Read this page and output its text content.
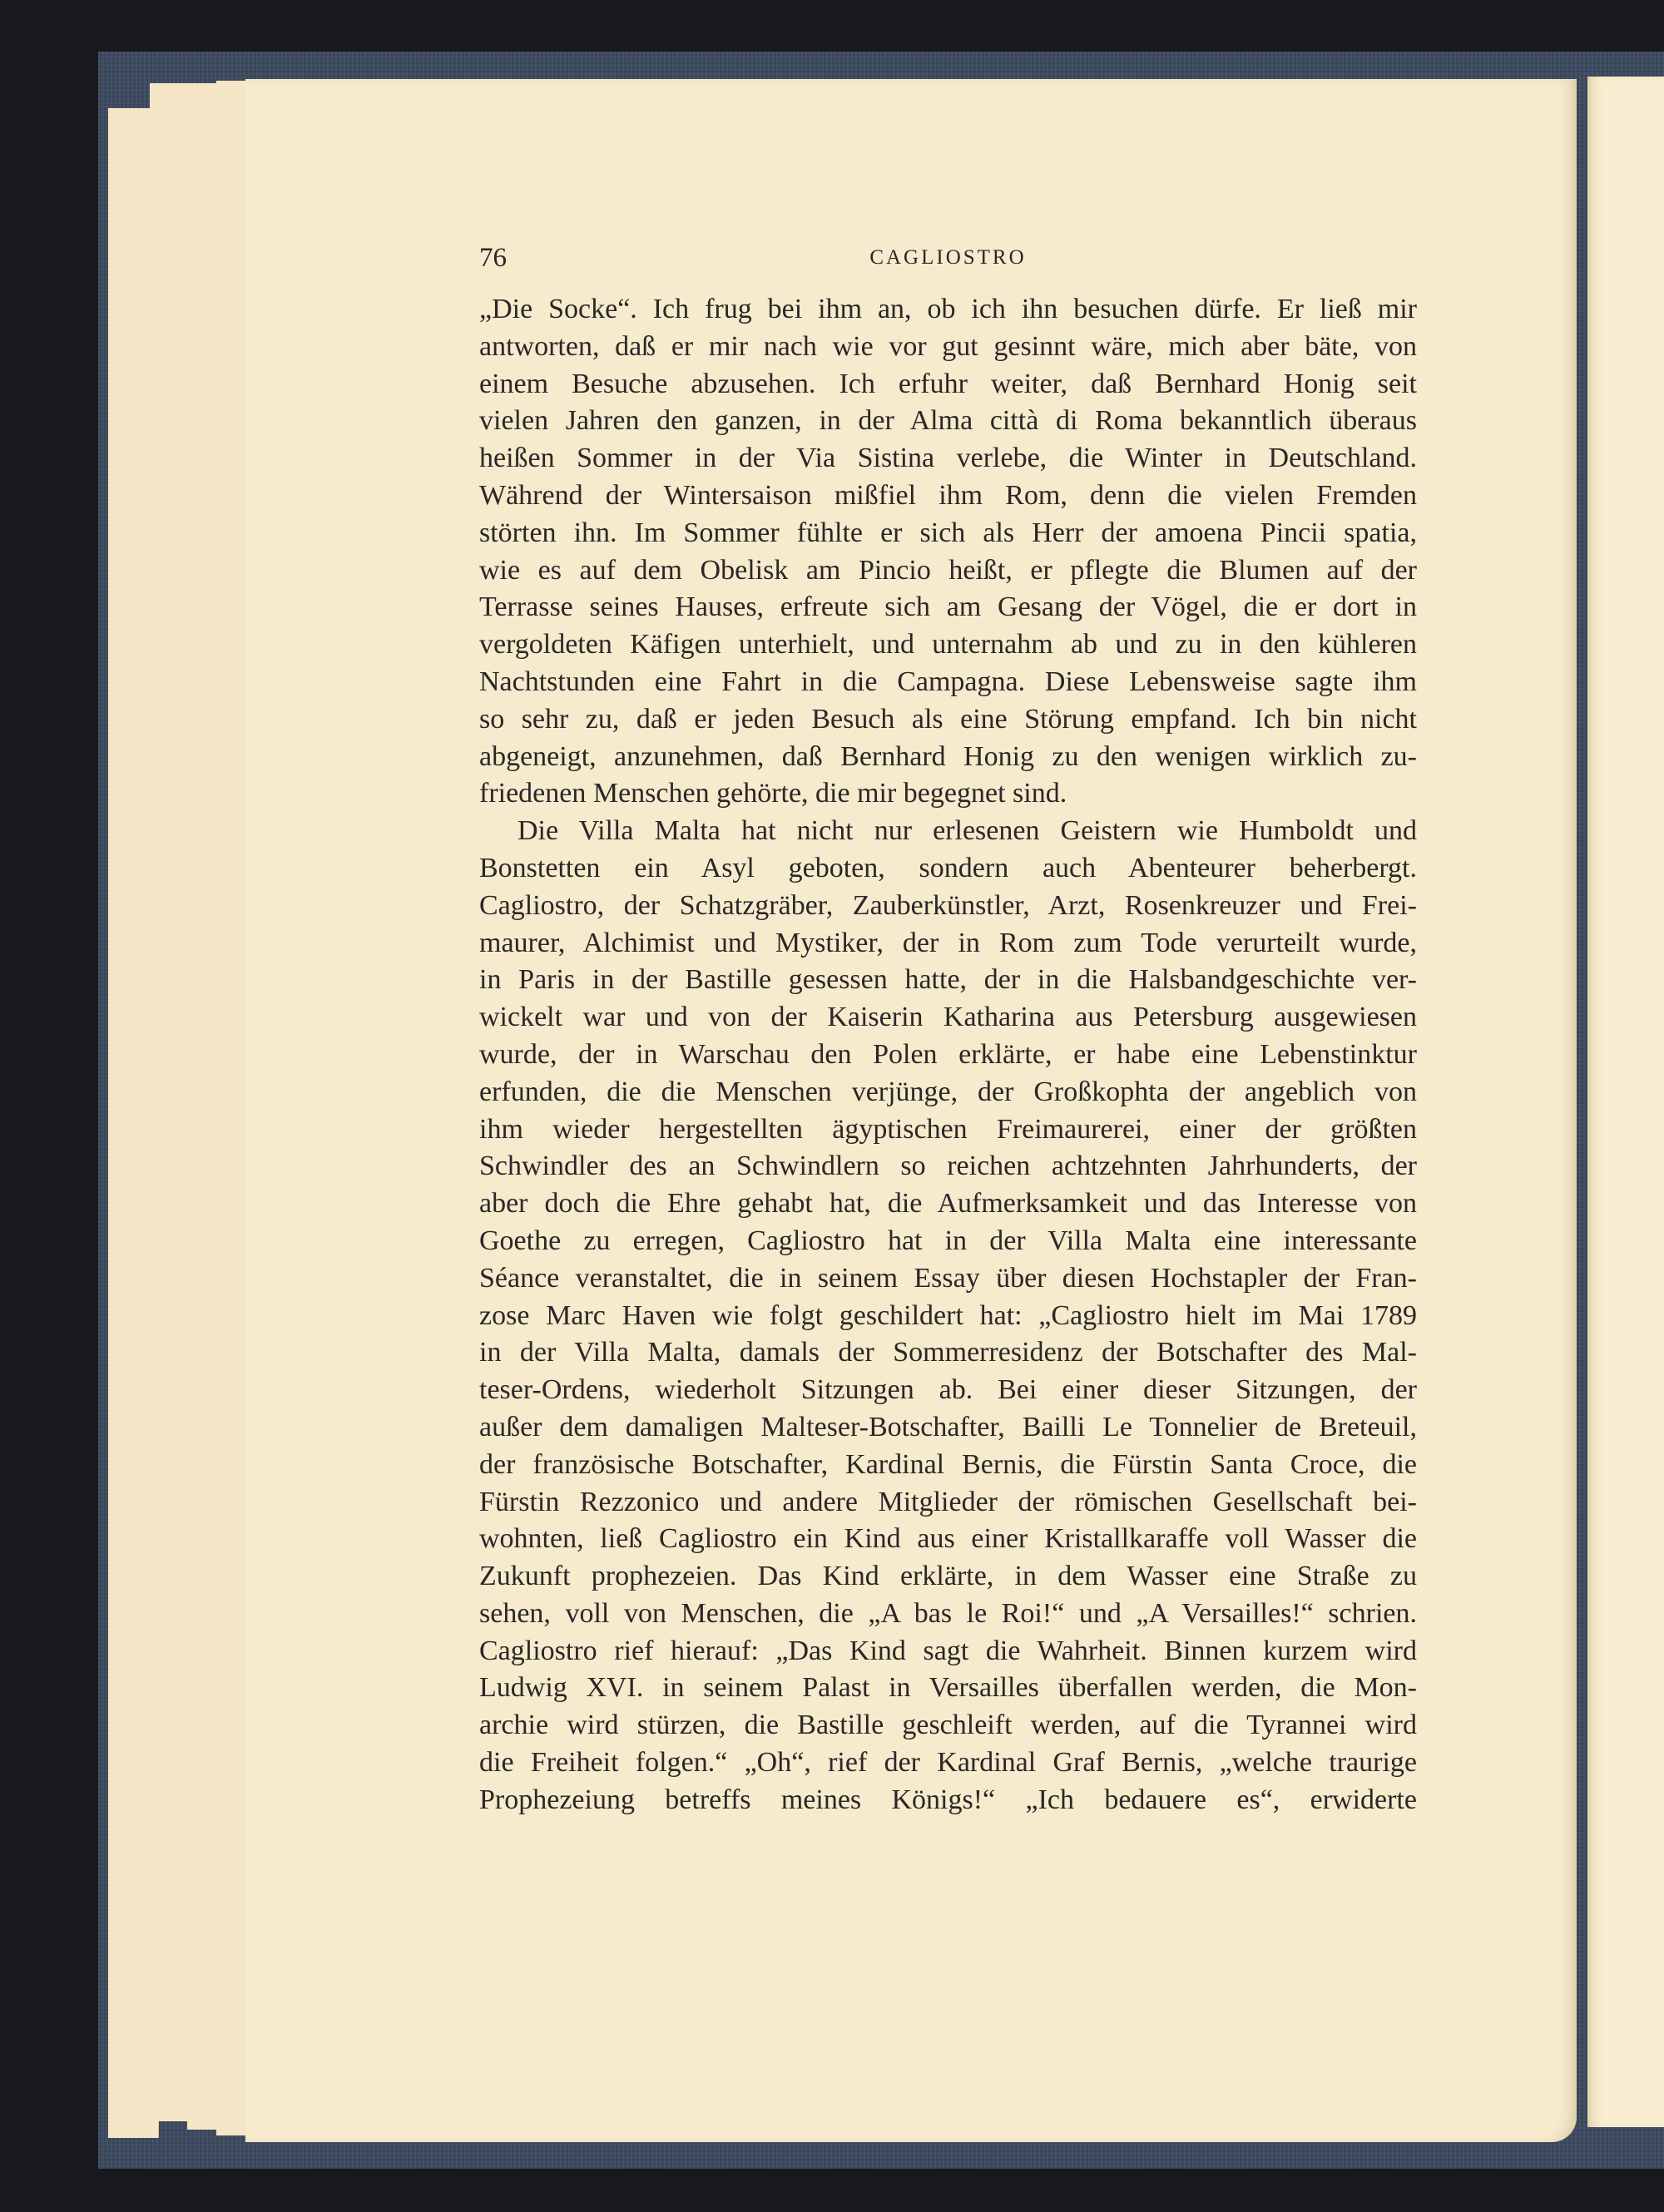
76	CAGLIOSTRO
„Die Socke“. Ich frug bei ihm an, ob ich ihn besuchen dürfe. Er ließ mir
antworten, daß er mir nach wie vor gut gesinnt wäre, mich aber bäte, von
einem Besuche abzusehen. Ich erfuhr weiter, daß Bernhard Honig seit
vielen Jahren den ganzen, in der Alma città di Roma bekanntlich überaus
heißen Sommer in der Via Sistina verlebe, die Winter in Deutschland.
Während der Wintersaison mißfiel ihm Rom, denn die vielen Fremden
störten ihn. Im Sommer fühlte er sich als Herr der amoena Pincii spatia,
wie es auf dem Obelisk am Pincio heißt, er pflegte die Blumen auf der
Terrasse seines Hauses, erfreute sich am Gesang der Vögel, die er dort in
vergoldeten Käfigen unterhielt, und unternahm ab und zu in den kühleren
Nachtstunden eine Fahrt in die Campagna. Diese Lebensweise sagte ihm
so sehr zu, daß er jeden Besuch als eine Störung empfand. Ich bin nicht
abgeneigt, anzunehmen, daß Bernhard Honig zu den wenigen wirklich zu-
friedenen Menschen gehörte, die mir begegnet sind.
Die Villa Malta hat nicht nur erlesenen Geistern wie Humboldt und
Bonstetten ein Asyl geboten, sondern auch Abenteurer beherbergt.
Cagliostro, der Schatzgräber, Zauberkünstler, Arzt, Rosenkreuzer und Frei-
maurer, Alchimist und Mystiker, der in Rom zum Tode verurteilt wurde,
in Paris in der Bastille gesessen hatte, der in die Halsbandgeschichte ver-
wickelt war und von der Kaiserin Katharina aus Petersburg ausgewiesen
wurde, der in Warschau den Polen erklärte, er habe eine Lebenstinktur
erfunden, die die Menschen verjünge, der Großkophta der angeblich von
ihm wieder hergestellten ägyptischen Freimaurerei, einer der größten
Schwindler des an Schwindlern so reichen achtzehnten Jahrhunderts, der
aber doch die Ehre gehabt hat, die Aufmerksamkeit und das Interesse von
Goethe zu erregen, Cagliostro hat in der Villa Malta eine interessante
Séance veranstaltet, die in seinem Essay über diesen Hochstapler der Fran-
zose Marc Haven wie folgt geschildert hat: „Cagliostro hielt im Mai 1789
in der Villa Malta, damals der Sommerresidenz der Botschafter des Mal-
teser-Ordens, wiederholt Sitzungen ab. Bei einer dieser Sitzungen, der
außer dem damaligen Malteser-Botschafter, Bailli Le Tonnelier de Breteuil,
der französische Botschafter, Kardinal Bernis, die Fürstin Santa Croce, die
Fürstin Rezzonico und andere Mitglieder der römischen Gesellschaft bei-
wohnten, ließ Cagliostro ein Kind aus einer Kristallkaraffe voll Wasser die
Zukunft prophezeien. Das Kind erklärte, in dem Wasser eine Straße zu
sehen, voll von Menschen, die „A bas le Roi!“ und „A Versailles!“ schrien.
Cagliostro rief hierauf: „Das Kind sagt die Wahrheit. Binnen kurzem wird
Ludwig XVI. in seinem Palast in Versailles überfallen werden, die Mon-
archie wird stürzen, die Bastille geschleift werden, auf die Tyrannei wird
die Freiheit folgen.“ „Oh“, rief der Kardinal Graf Bernis, „welche traurige
Prophezeiung betreffs meines Königs!“ „Ich bedauere es“, erwiderte
